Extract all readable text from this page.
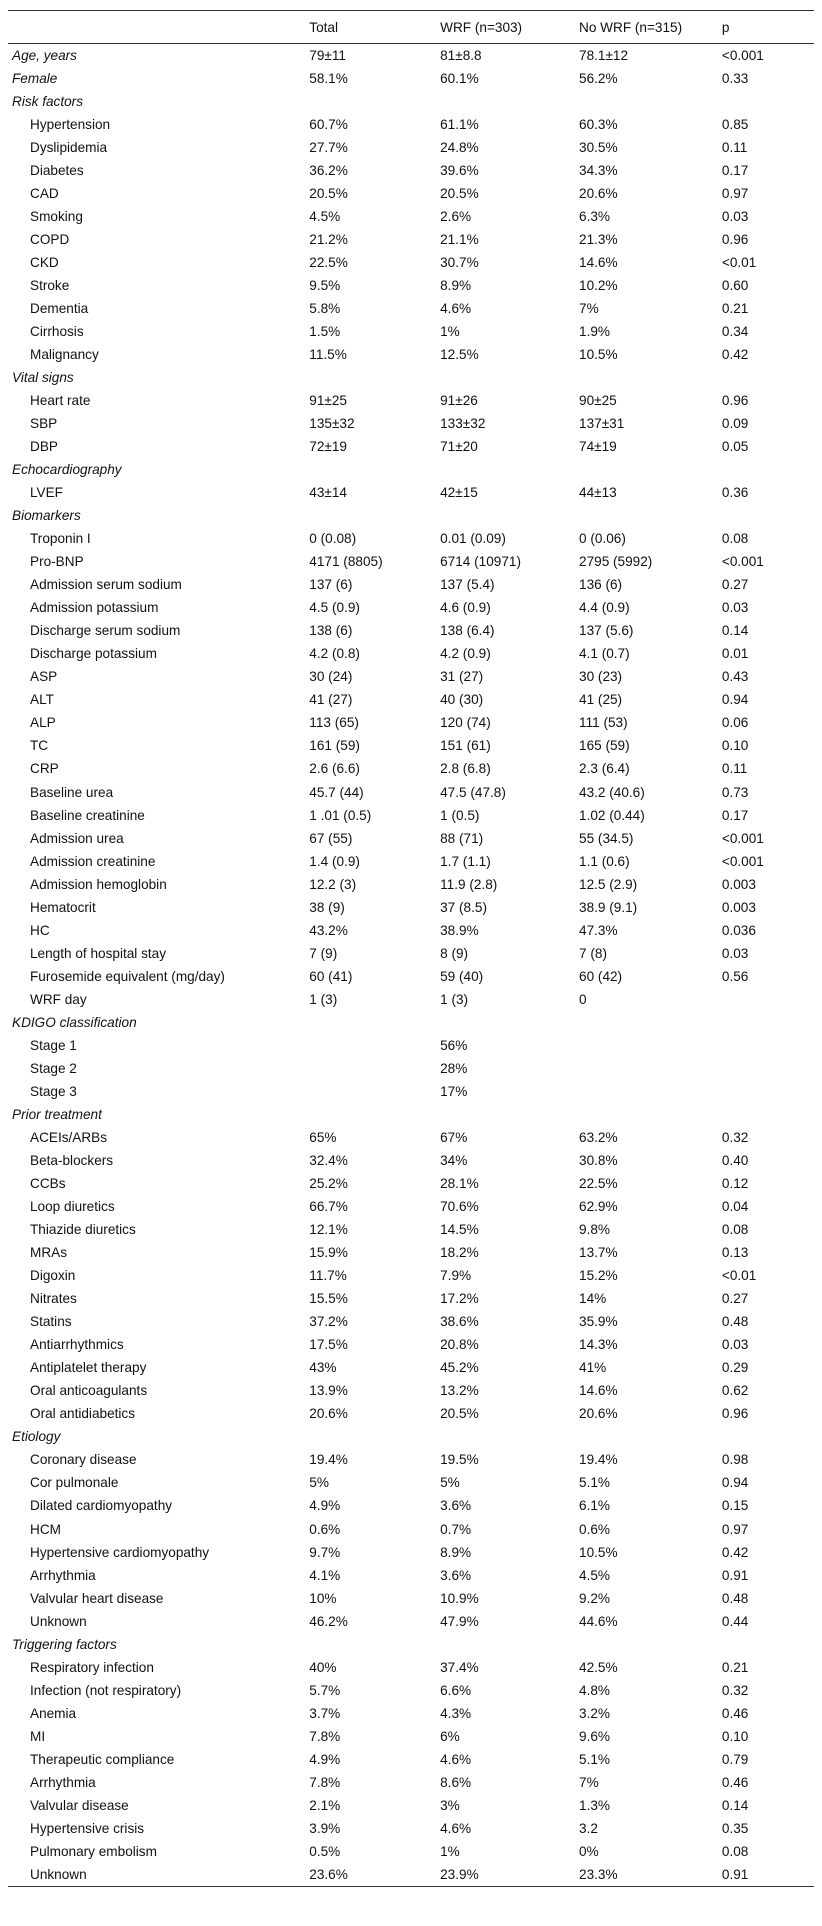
	Total	WRF (n=303)	No WRF (n=315)	p
Age, years	79±11	81±8.8	78.1±12	<0.001
Female	58.1%	60.1%	56.2%	0.33
Risk factors				
Hypertension	60.7%	61.1%	60.3%	0.85
Dyslipidemia	27.7%	24.8%	30.5%	0.11
Diabetes	36.2%	39.6%	34.3%	0.17
CAD	20.5%	20.5%	20.6%	0.97
Smoking	4.5%	2.6%	6.3%	0.03
COPD	21.2%	21.1%	21.3%	0.96
CKD	22.5%	30.7%	14.6%	<0.01
Stroke	9.5%	8.9%	10.2%	0.60
Dementia	5.8%	4.6%	7%	0.21
Cirrhosis	1.5%	1%	1.9%	0.34
Malignancy	11.5%	12.5%	10.5%	0.42
Vital signs				
Heart rate	91±25	91±26	90±25	0.96
SBP	135±32	133±32	137±31	0.09
DBP	72±19	71±20	74±19	0.05
Echocardiography				
LVEF	43±14	42±15	44±13	0.36
Biomarkers				
Troponin I	0 (0.08)	0.01 (0.09)	0 (0.06)	0.08
Pro-BNP	4171 (8805)	6714 (10971)	2795 (5992)	<0.001
Admission serum sodium	137 (6)	137 (5.4)	136 (6)	0.27
Admission potassium	4.5 (0.9)	4.6 (0.9)	4.4 (0.9)	0.03
Discharge serum sodium	138 (6)	138 (6.4)	137 (5.6)	0.14
Discharge potassium	4.2 (0.8)	4.2 (0.9)	4.1 (0.7)	0.01
ASP	30 (24)	31 (27)	30 (23)	0.43
ALT	41 (27)	40 (30)	41 (25)	0.94
ALP	113 (65)	120 (74)	111 (53)	0.06
TC	161 (59)	151 (61)	165 (59)	0.10
CRP	2.6 (6.6)	2.8 (6.8)	2.3 (6.4)	0.11
Baseline urea	45.7 (44)	47.5 (47.8)	43.2 (40.6)	0.73
Baseline creatinine	1 .01 (0.5)	1 (0.5)	1.02 (0.44)	0.17
Admission urea	67 (55)	88 (71)	55 (34.5)	<0.001
Admission creatinine	1.4 (0.9)	1.7 (1.1)	1.1 (0.6)	<0.001
Admission hemoglobin	12.2 (3)	11.9 (2.8)	12.5 (2.9)	0.003
Hematocrit	38 (9)	37 (8.5)	38.9 (9.1)	0.003
HC	43.2%	38.9%	47.3%	0.036
Length of hospital stay	7 (9)	8 (9)	7 (8)	0.03
Furosemide equivalent (mg/day)	60 (41)	59 (40)	60 (42)	0.56
WRF day	1 (3)	1 (3)	0	
KDIGO classification				
Stage 1		56%		
Stage 2		28%		
Stage 3		17%		
Prior treatment				
ACEIs/ARBs	65%	67%	63.2%	0.32
Beta-blockers	32.4%	34%	30.8%	0.40
CCBs	25.2%	28.1%	22.5%	0.12
Loop diuretics	66.7%	70.6%	62.9%	0.04
Thiazide diuretics	12.1%	14.5%	9.8%	0.08
MRAs	15.9%	18.2%	13.7%	0.13
Digoxin	11.7%	7.9%	15.2%	<0.01
Nitrates	15.5%	17.2%	14%	0.27
Statins	37.2%	38.6%	35.9%	0.48
Antiarrhythmics	17.5%	20.8%	14.3%	0.03
Antiplatelet therapy	43%	45.2%	41%	0.29
Oral anticoagulants	13.9%	13.2%	14.6%	0.62
Oral antidiabetics	20.6%	20.5%	20.6%	0.96
Etiology				
Coronary disease	19.4%	19.5%	19.4%	0.98
Cor pulmonale	5%	5%	5.1%	0.94
Dilated cardiomyopathy	4.9%	3.6%	6.1%	0.15
HCM	0.6%	0.7%	0.6%	0.97
Hypertensive cardiomyopathy	9.7%	8.9%	10.5%	0.42
Arrhythmia	4.1%	3.6%	4.5%	0.91
Valvular heart disease	10%	10.9%	9.2%	0.48
Unknown	46.2%	47.9%	44.6%	0.44
Triggering factors				
Respiratory infection	40%	37.4%	42.5%	0.21
Infection (not respiratory)	5.7%	6.6%	4.8%	0.32
Anemia	3.7%	4.3%	3.2%	0.46
MI	7.8%	6%	9.6%	0.10
Therapeutic compliance	4.9%	4.6%	5.1%	0.79
Arrhythmia	7.8%	8.6%	7%	0.46
Valvular disease	2.1%	3%	1.3%	0.14
Hypertensive crisis	3.9%	4.6%	3.2	0.35
Pulmonary embolism	0.5%	1%	0%	0.08
Unknown	23.6%	23.9%	23.3%	0.91
